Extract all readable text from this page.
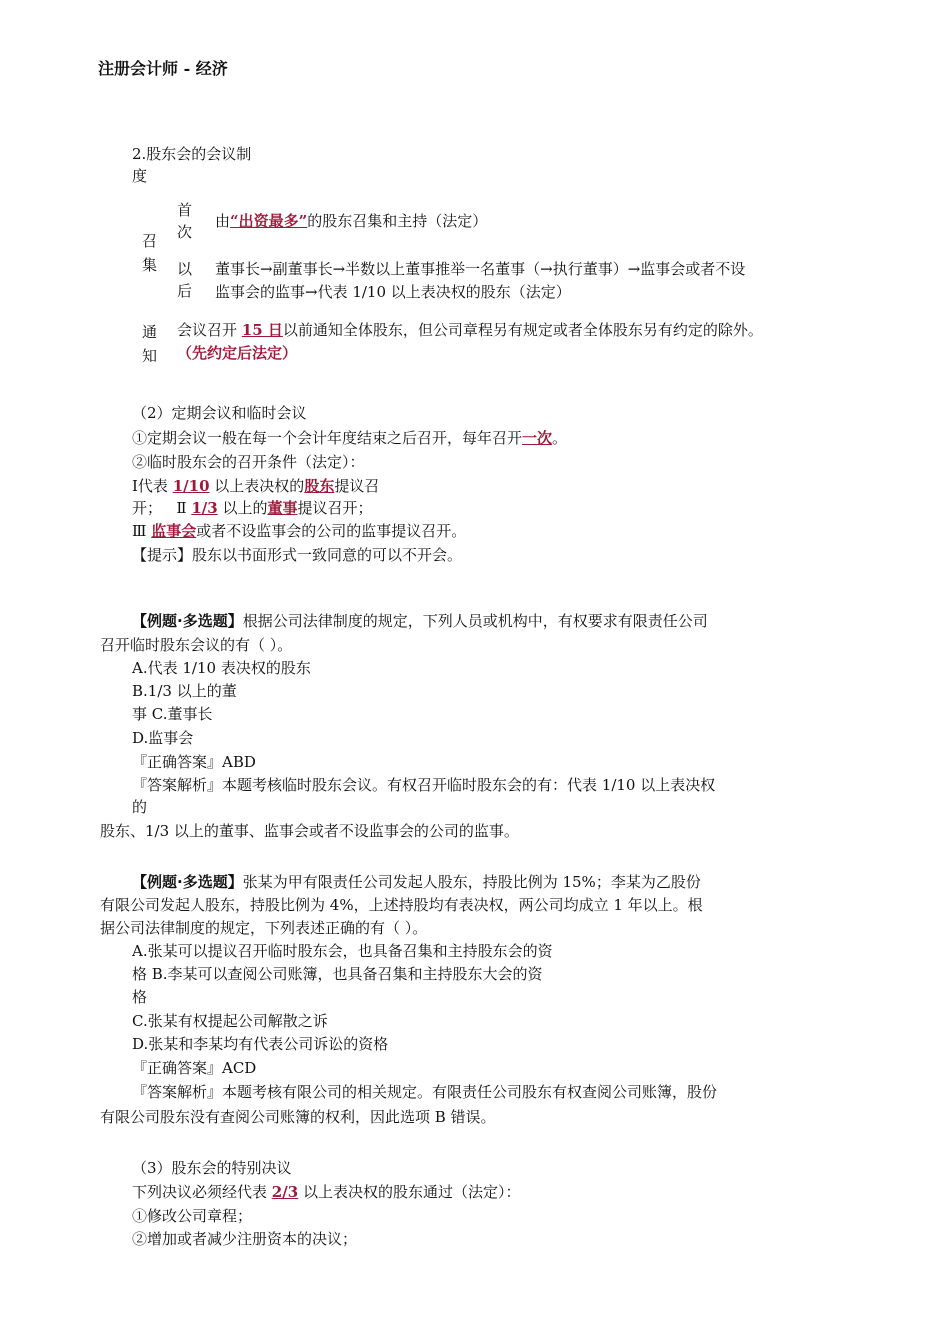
注册会计师 - 经济
2.股东会的会议制
度
召
集
首
次
由“出资最多”的股东召集和主持（法定）
以
后
董事长→副董事长→半数以上董事推举一名董事（→执行董事）→监事会或者不设
监事会的监事→代表 1/10 以上表决权的股东（法定）
通
知
会议召开 15 日以前通知全体股东，但公司章程另有规定或者全体股东另有约定的除外。
（先约定后法定）
（2）定期会议和临时会议
①定期会议一般在每一个会计年度结束之后召开，每年召开一次。
②临时股东会的召开条件（法定）：
Ⅰ代表 1/10 以上表决权的股东提议召
开； Ⅱ 1/3 以上的董事提议召开；
Ⅲ 监事会或者不设监事会的公司的监事提议召开。
【提示】股东以书面形式一致同意的可以不开会。
【例题·多选题】根据公司法律制度的规定，下列人员或机构中，有权要求有限责任公司
召开临时股东会议的有（ ）。
A.代表 1/10 表决权的股东
B.1/3 以上的董
事 C.董事长
D.监事会
『正确答案』ABD
『答案解析』本题考核临时股东会议。有权召开临时股东会的有：代表 1/10 以上表决权
的
股东、1/3 以上的董事、监事会或者不设监事会的公司的监事。
【例题·多选题】张某为甲有限责任公司发起人股东，持股比例为 15%；李某为乙股份
有限公司发起人股东，持股比例为 4%，上述持股均有表决权，两公司均成立 1 年以上。根
据公司法律制度的规定，下列表述正确的有（ ）。
A.张某可以提议召开临时股东会，也具备召集和主持股东会的资
格 B.李某可以查阅公司账簿，也具备召集和主持股东大会的资
格
C.张某有权提起公司解散之诉
D.张某和李某均有代表公司诉讼的资格
『正确答案』ACD
『答案解析』本题考核有限公司的相关规定。有限责任公司股东有权查阅公司账簿，股份
有限公司股东没有查阅公司账簿的权利，因此选项 B 错误。
（3）股东会的特别决议
下列决议必须经代表 2/3 以上表决权的股东通过（法定）：
①修改公司章程；
②增加或者减少注册资本的决议；
